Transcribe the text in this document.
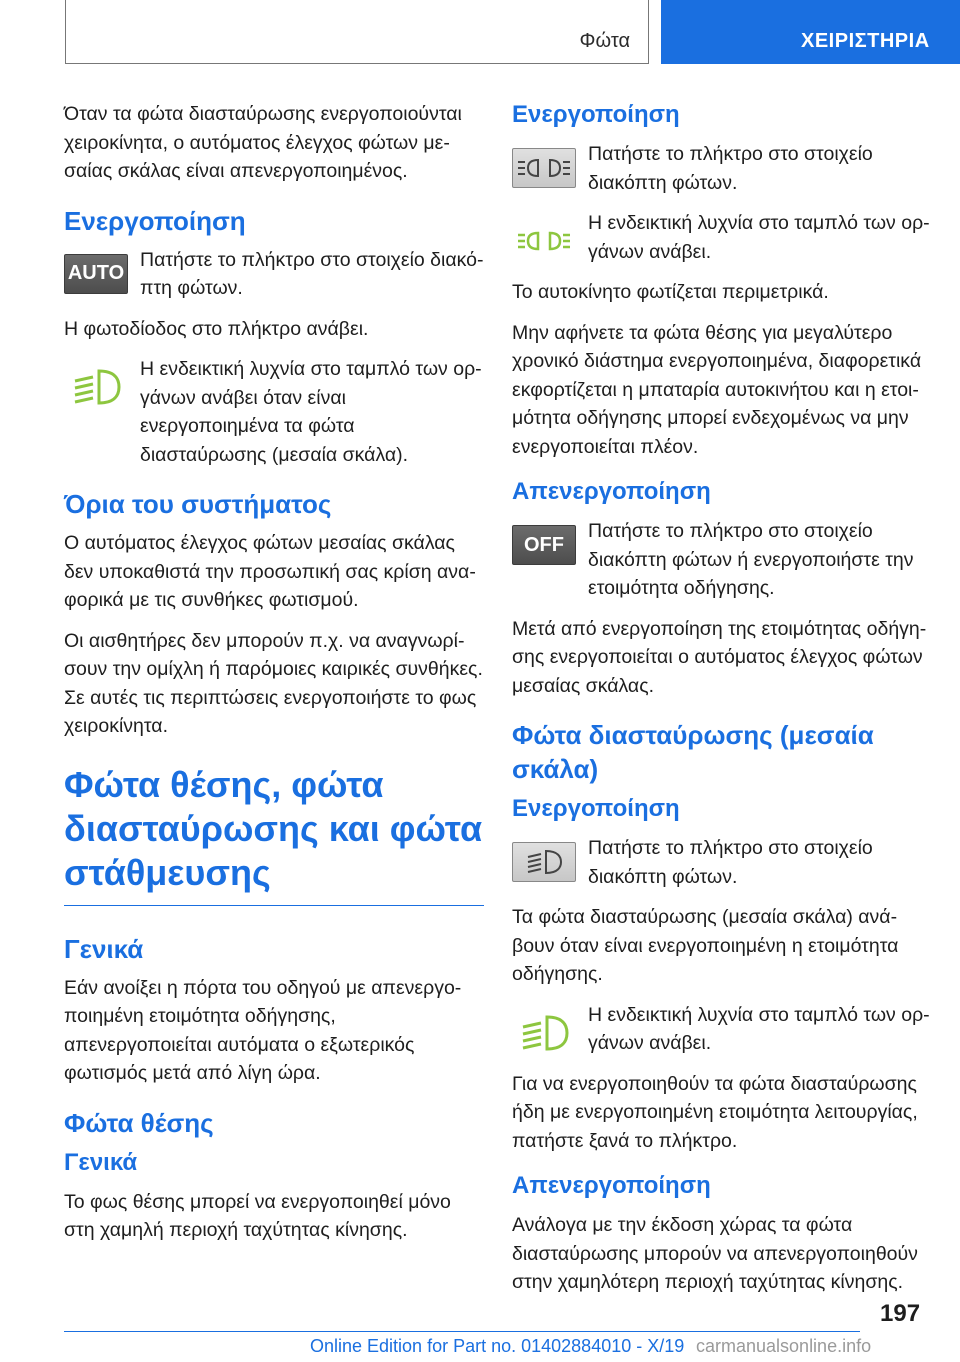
Φώτα	ΧΕΙΡΙΣΤΗΡΙΑ

Όταν τα φώτα διασταύρωσης ενεργοποιούνται χειροκίνητα, ο αυτόματος έλεγχος φώτων μεσαίας σκάλας είναι απενεργοποιημένος.

Ενεργοποίηση
AUTO

Πατήστε το πλήκτρο στο στοιχείο διακόπτη φώτων.

Η φωτοδίοδος στο πλήκτρο ανάβει.

Η ενδεικτική λυχνία στο ταμπλό των οργάνων ανάβει όταν είναι ενεργοποιημένα τα φώτα διασταύρωσης (μεσαία σκάλα).

Όρια του συστήματος

Ο αυτόματος έλεγχος φώτων μεσαίας σκάλας δεν υποκαθιστά την προσωπική σας κρίση αναφορικά με τις συνθήκες φωτισμού.

Οι αισθητήρες δεν μπορούν π.χ. να αναγνωρίσουν την ομίχλη ή παρόμοιες καιρικές συνθήκες. Σε αυτές τις περιπτώσεις ενεργοποιήστε το φως χειροκίνητα.

Φώτα θέσης, φώτα διασταύρωσης και φώτα στάθμευσης
Γενικά

Εάν ανοίξει η πόρτα του οδηγού με απενεργοποιημένη ετοιμότητα οδήγησης, απενεργοποιείται αυτόματα ο εξωτερικός φωτισμός μετά από λίγη ώρα.

Φώτα θέσης
Γενικά

Το φως θέσης μπορεί να ενεργοποιηθεί μόνο στη χαμηλή περιοχή ταχύτητας κίνησης.

Ενεργοποίηση

Πατήστε το πλήκτρο στο στοιχείο διακόπτη φώτων.

Η ενδεικτική λυχνία στο ταμπλό των οργάνων ανάβει.

Το αυτοκίνητο φωτίζεται περιμετρικά.

Μην αφήνετε τα φώτα θέσης για μεγαλύτερο χρονικό διάστημα ενεργοποιημένα, διαφορετικά εκφορτίζεται η μπαταρία αυτοκινήτου και η ετοιμότητα οδήγησης μπορεί ενδεχομένως να μην ενεργοποιείται πλέον.

Απενεργοποίηση
OFF

Πατήστε το πλήκτρο στο στοιχείο διακόπτη φώτων ή ενεργοποιήστε την ετοιμότητα οδήγησης.

Μετά από ενεργοποίηση της ετοιμότητας οδήγησης ενεργοποιείται ο αυτόματος έλεγχος φώτων μεσαίας σκάλας.

Φώτα διασταύρωσης (μεσαία σκάλα)
Ενεργοποίηση

Πατήστε το πλήκτρο στο στοιχείο διακόπτη φώτων.

Τα φώτα διασταύρωσης (μεσαία σκάλα) ανάβουν όταν είναι ενεργοποιημένη η ετοιμότητα οδήγησης.

Η ενδεικτική λυχνία στο ταμπλό των οργάνων ανάβει.

Για να ενεργοποιηθούν τα φώτα διασταύρωσης ήδη με ενεργοποιημένη ετοιμότητα λειτουργίας, πατήστε ξανά το πλήκτρο.

Απενεργοποίηση

Ανάλογα με την έκδοση χώρας τα φώτα διασταύρωσης μπορούν να απενεργοποιηθούν στην χαμηλότερη περιοχή ταχύτητας κίνησης.

197
Online Edition for Part no. 01402884010 - X/19 carmanualsonline.info
